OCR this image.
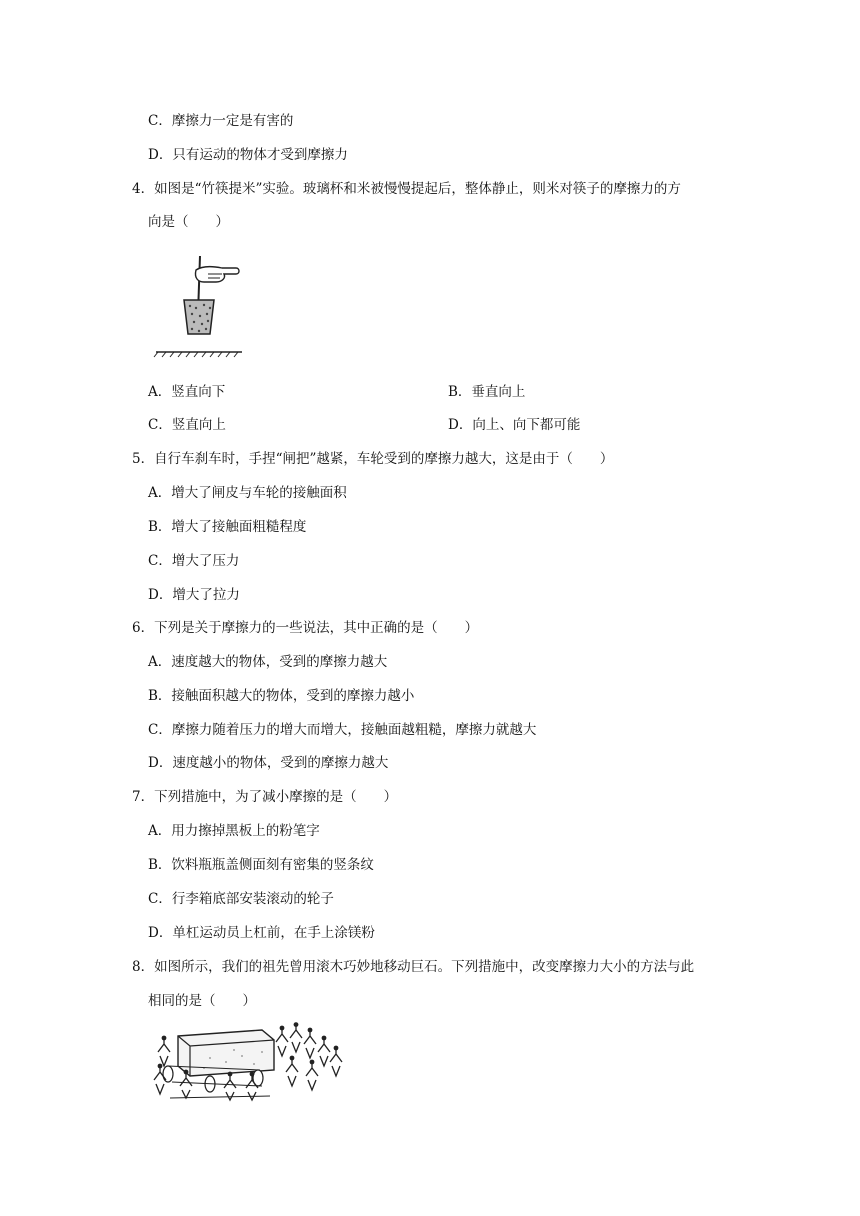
C．摩擦力一定是有害的
D．只有运动的物体才受到摩擦力
4．如图是“竹筷提米”实验。玻璃杯和米被慢慢提起后，整体静止，则米对筷子的摩擦力的方
向是（　　）
A．竖直向下	B．垂直向上
C．竖直向上	D．向上、向下都可能
5．自行车刹车时，手捏“闸把”越紧，车轮受到的摩擦力越大，这是由于（　　）
A．增大了闸皮与车轮的接触面积
B．增大了接触面粗糙程度
C．增大了压力
D．增大了拉力
6．下列是关于摩擦力的一些说法，其中正确的是（　　）
A．速度越大的物体，受到的摩擦力越大
B．接触面积越大的物体，受到的摩擦力越小
C．摩擦力随着压力的增大而增大，接触面越粗糙，摩擦力就越大
D．速度越小的物体，受到的摩擦力越大
7．下列措施中，为了减小摩擦的是（　　）
A．用力擦掉黑板上的粉笔字
B．饮料瓶瓶盖侧面刻有密集的竖条纹
C．行李箱底部安装滚动的轮子
D．单杠运动员上杠前，在手上涂镁粉
8．如图所示，我们的祖先曾用滚木巧妙地移动巨石。下列措施中，改变摩擦力大小的方法与此
相同的是（　　）
